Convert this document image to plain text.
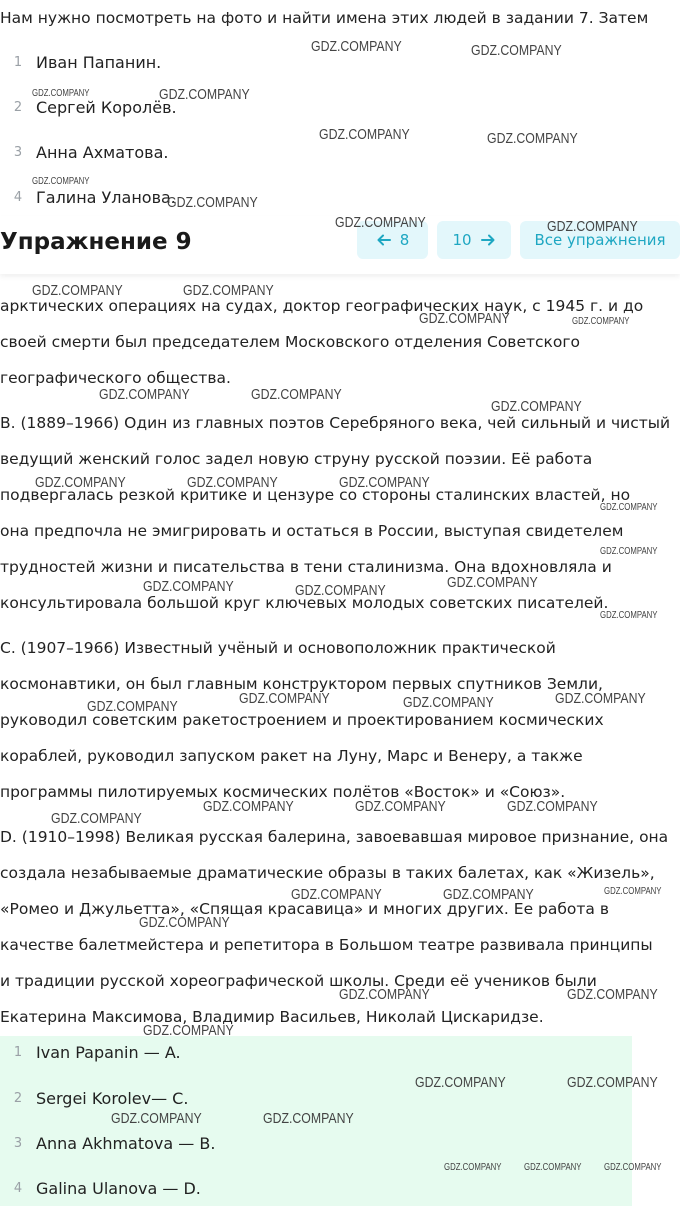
Нам нужно посмотреть на фото и найти имена этих людей в задании 7. Затем
1 Иван Папанин.
2 Сергей Королёв.
3 Анна Ахматова.
4 Галина Уланова.
арктических операциях на судах, доктор географических наук, с 1945 г. и до
своей смерти был председателем Московского отделения Советского
географического общества.
B. (1889–1966) Один из главных поэтов Серебряного века, чей сильный и чистый
ведущий женский голос задел новую струну русской поэзии. Её работа
подвергалась резкой критике и цензуре со стороны сталинских властей, но
она предпочла не эмигрировать и остаться в России, выступая свидетелем
трудностей жизни и писательства в тени сталинизма. Она вдохновляла и
консультировала большой круг ключевых молодых советских писателей.
C. (1907–1966) Известный учёный и основоположник практической
космонавтики, он был главным конструктором первых спутников Земли,
руководил советским ракетостроением и проектированием космических
кораблей, руководил запуском ракет на Луну, Марс и Венеру, а также
программы пилотируемых космических полётов «Восток» и «Союз».
D. (1910–1998) Великая русская балерина, завоевавшая мировое признание, она
создала незабываемые драматические образы в таких балетах, как «Жизель»,
«Ромео и Джульетта», «Спящая красавица» и многих других. Ее работа в
качестве балетмейстера и репетитора в Большом театре развивала принципы
и традиции русской хореографической школы. Среди её учеников были
Екатерина Максимова, Владимир Васильев, Николай Цискаридзе.
Упражнение 9	8	10	Все упражнения
1 Ivan Papanin — A.
2 Sergei Korolev— C.
3 Anna Akhmatova — B.
4 Galina Ulanova — D.
GDZ.COMPANY	GDZ.COMPANY
GDZ.COMPANY	GDZ.COMPANY
GDZ.COMPANY	GDZ.COMPANY
GDZ.COMPANY
GDZ.COMPANY
GDZ.COMPANY	GDZ.COMPANY
GDZ.COMPANY	GDZ.COMPANY
GDZ.COMPANY	GDZ.COMPANY
GDZ.COMPANY	GDZ.COMPANY
GDZ.COMPANY
GDZ.COMPANY	GDZ.COMPANY	GDZ.COMPANY
GDZ.COMPANY
GDZ.COMPANY
GDZ.COMPANY	GDZ.COMPANY	GDZ.COMPANY
GDZ.COMPANY
GDZ.COMPANY	GDZ.COMPANY	GDZ.COMPANY	GDZ.COMPANY
GDZ.COMPANY
GDZ.COMPANY	GDZ.COMPANY	GDZ.COMPANY
GDZ.COMPANY	GDZ.COMPANY	GDZ.COMPANY
GDZ.COMPANY
GDZ.COMPANY	GDZ.COMPANY
GDZ.COMPANY
GDZ.COMPANY	GDZ.COMPANY
GDZ.COMPANY	GDZ.COMPANY
GDZ.COMPANY GDZ.COMPANY GDZ.COMPANY
